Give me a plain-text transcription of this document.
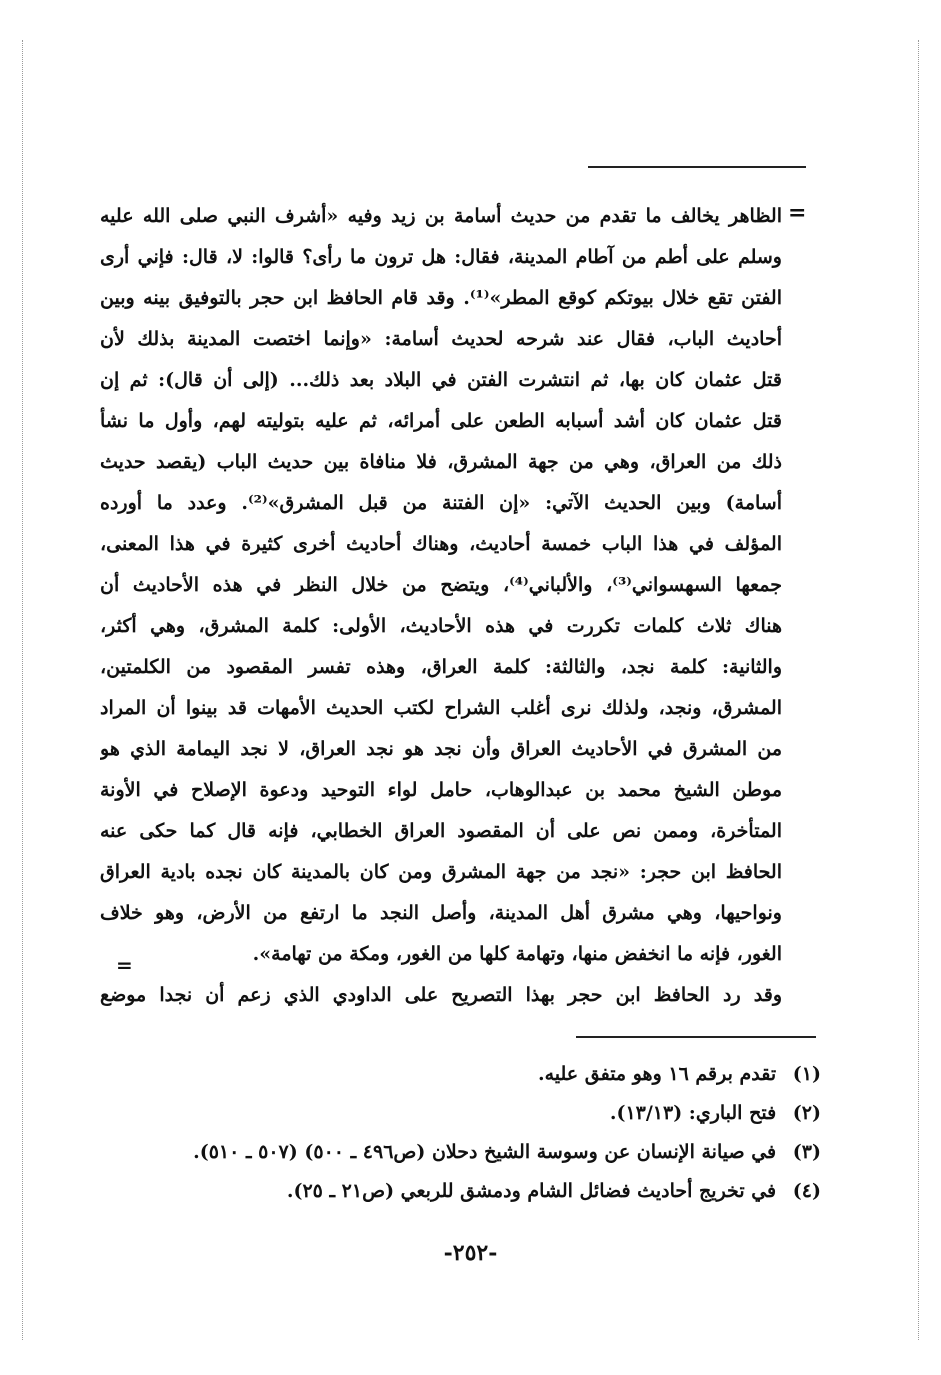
=
الظاهر يخالف ما تقدم من حديث أسامة بن زيد وفيه «أشرف النبي صلى الله عليه
وسلم على أطم من آطام المدينة، فقال: هل ترون ما رأى؟ قالوا: لا، قال: فإني أرى
الفتن تقع خلال بيوتكم كوقع المطر»⁽¹⁾. وقد قام الحافظ ابن حجر بالتوفيق بينه وبين
أحاديث الباب، فقال عند شرحه لحديث أسامة: «وإنما اختصت المدينة بذلك لأن
قتل عثمان كان بها، ثم انتشرت الفتن في البلاد بعد ذلك... (إلى أن قال): ثم إن
قتل عثمان كان أشد أسبابه الطعن على أمرائه، ثم عليه بتوليته لهم، وأول ما نشأ
ذلك من العراق، وهي من جهة المشرق، فلا منافاة بين حديث الباب (يقصد حديث
أسامة) وبين الحديث الآتي: «إن الفتنة من قبل المشرق»⁽²⁾. وعدد ما أورده
المؤلف في هذا الباب خمسة أحاديث، وهناك أحاديث أخرى كثيرة في هذا المعنى،
جمعها السهسواني⁽³⁾، والألباني⁽⁴⁾، ويتضح من خلال النظر في هذه الأحاديث أن
هناك ثلاث كلمات تكررت في هذه الأحاديث، الأولى: كلمة المشرق، وهي أكثر،
والثانية: كلمة نجد، والثالثة: كلمة العراق، وهذه تفسر المقصود من الكلمتين،
المشرق، ونجد، ولذلك نرى أغلب الشراح لكتب الحديث الأمهات قد بينوا أن المراد
من المشرق في الأحاديث العراق وأن نجد هو نجد العراق، لا نجد اليمامة الذي هو
موطن الشيخ محمد بن عبدالوهاب، حامل لواء التوحيد ودعوة الإصلاح في الأونة
المتأخرة، وممن نص على أن المقصود العراق الخطابي، فإنه قال كما حكى عنه
الحافظ ابن حجر: «نجد من جهة المشرق ومن كان بالمدينة كان نجده بادية العراق
ونواحيها، وهي مشرق أهل المدينة، وأصل النجد ما ارتفع من الأرض، وهو خلاف
الغور، فإنه ما انخفض منها، وتهامة كلها من الغور، ومكة من تهامة».
وقد رد الحافظ ابن حجر بهذا التصريح على الداودي الذي زعم أن نجدا موضع
=
(١) تقدم برقم ١٦ وهو متفق عليه.
(٢) فتح الباري: (١٣/١٣).
(٣) في صيانة الإنسان عن وسوسة الشيخ دحلان (ص٤٩٦ ـ ٥٠٠) (٥٠٧ ـ ٥١٠).
(٤) في تخريج أحاديث فضائل الشام ودمشق للربعي (ص٢١ ـ ٢٥).
-٢٥٢-
